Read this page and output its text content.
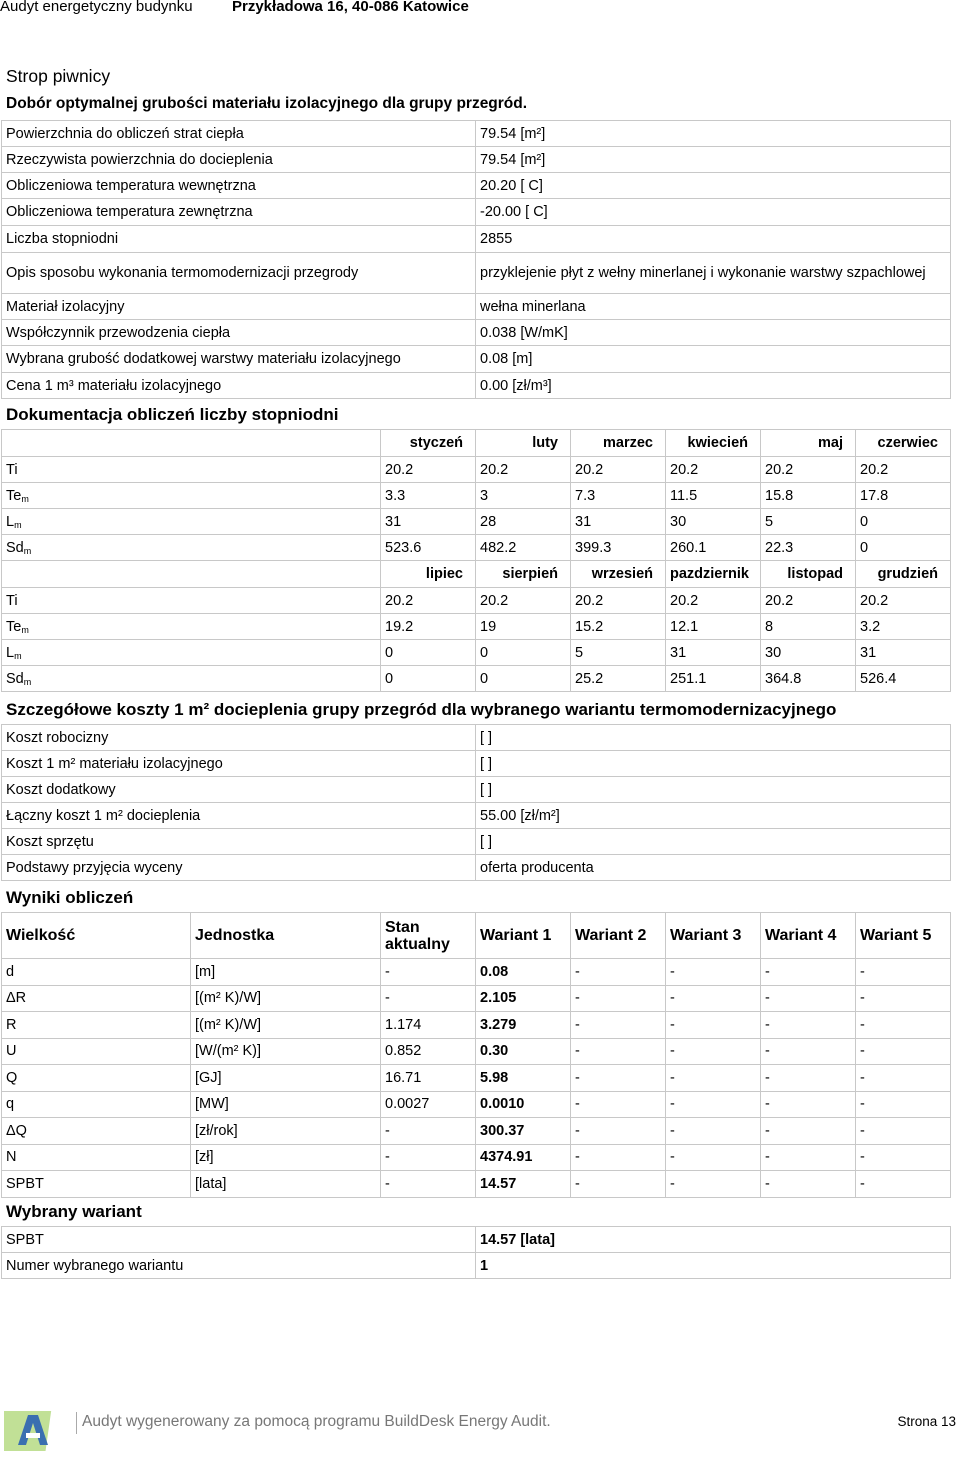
Audyt energetyczny budynku	Przykładowa 16, 40-086 Katowice
Strop piwnicy
Dobór optymalnej grubości materiału izolacyjnego dla grupy przegród.
Powierzchnia do obliczeń strat ciepła	79.54 [m²]
Rzeczywista powierzchnia do docieplenia	79.54 [m²]
Obliczeniowa temperatura wewnętrzna	20.20 [ C]
Obliczeniowa temperatura zewnętrzna	-20.00 [ C]
Liczba stopniodni	2855
Opis sposobu wykonania termomodernizacji przegrody	przyklejenie płyt z wełny minerlanej i wykonanie warstwy szpachlowej
Materiał izolacyjny	wełna minerlana
Współczynnik przewodzenia ciepła	0.038 [W/mK]
Wybrana grubość dodatkowej warstwy materiału izolacyjnego	0.08 [m]
Cena 1 m³ materiału izolacyjnego	0.00 [zł/m³]
Dokumentacja obliczeń liczby stopniodni
	styczeń	luty	marzec	kwiecień	maj	czerwiec
Ti	20.2	20.2	20.2	20.2	20.2	20.2
$Te_m$	3.3	3	7.3	11.5	15.8	17.8
$L_m$	31	28	31	30	5	0
$Sd_m$	523.6	482.2	399.3	260.1	22.3	0
	lipiec	sierpień	wrzesień	pazdziernik	listopad	grudzień
Ti	20.2	20.2	20.2	20.2	20.2	20.2
$Te_m$	19.2	19	15.2	12.1	8	3.2
$L_m$	0	0	5	31	30	31
$Sd_m$	0	0	25.2	251.1	364.8	526.4
Szczegółowe koszty 1 m² docieplenia grupy przegród dla wybranego wariantu termomodernizacyjnego
Koszt robocizny	[ ]
Koszt 1 m² materiału izolacyjnego	[ ]
Koszt dodatkowy	[ ]
Łączny koszt 1 m² docieplenia	55.00 [zł/m²]
Koszt sprzętu	[ ]
Podstawy przyjęcia wyceny	oferta producenta
Wyniki obliczeń
Wielkość	Jednostka	Stan aktualny	Wariant 1	Wariant 2	Wariant 3	Wariant 4	Wariant 5
d	[m]	-	0.08	-	-	-	-
ΔR	[(m² K)/W]	-	2.105	-	-	-	-
R	[(m² K)/W]	1.174	3.279	-	-	-	-
U	[W/(m² K)]	0.852	0.30	-	-	-	-
Q	[GJ]	16.71	5.98	-	-	-	-
q	[MW]	0.0027	0.0010	-	-	-	-
ΔQ	[zł/rok]	-	300.37	-	-	-	-
N	[zł]	-	4374.91	-	-	-	-
SPBT	[lata]	-	14.57	-	-	-	-
Wybrany wariant
SPBT	14.57 [lata]
Numer wybranego wariantu	1
Audyt wygenerowany za pomocą programu BuildDesk Energy Audit.	Strona 13
